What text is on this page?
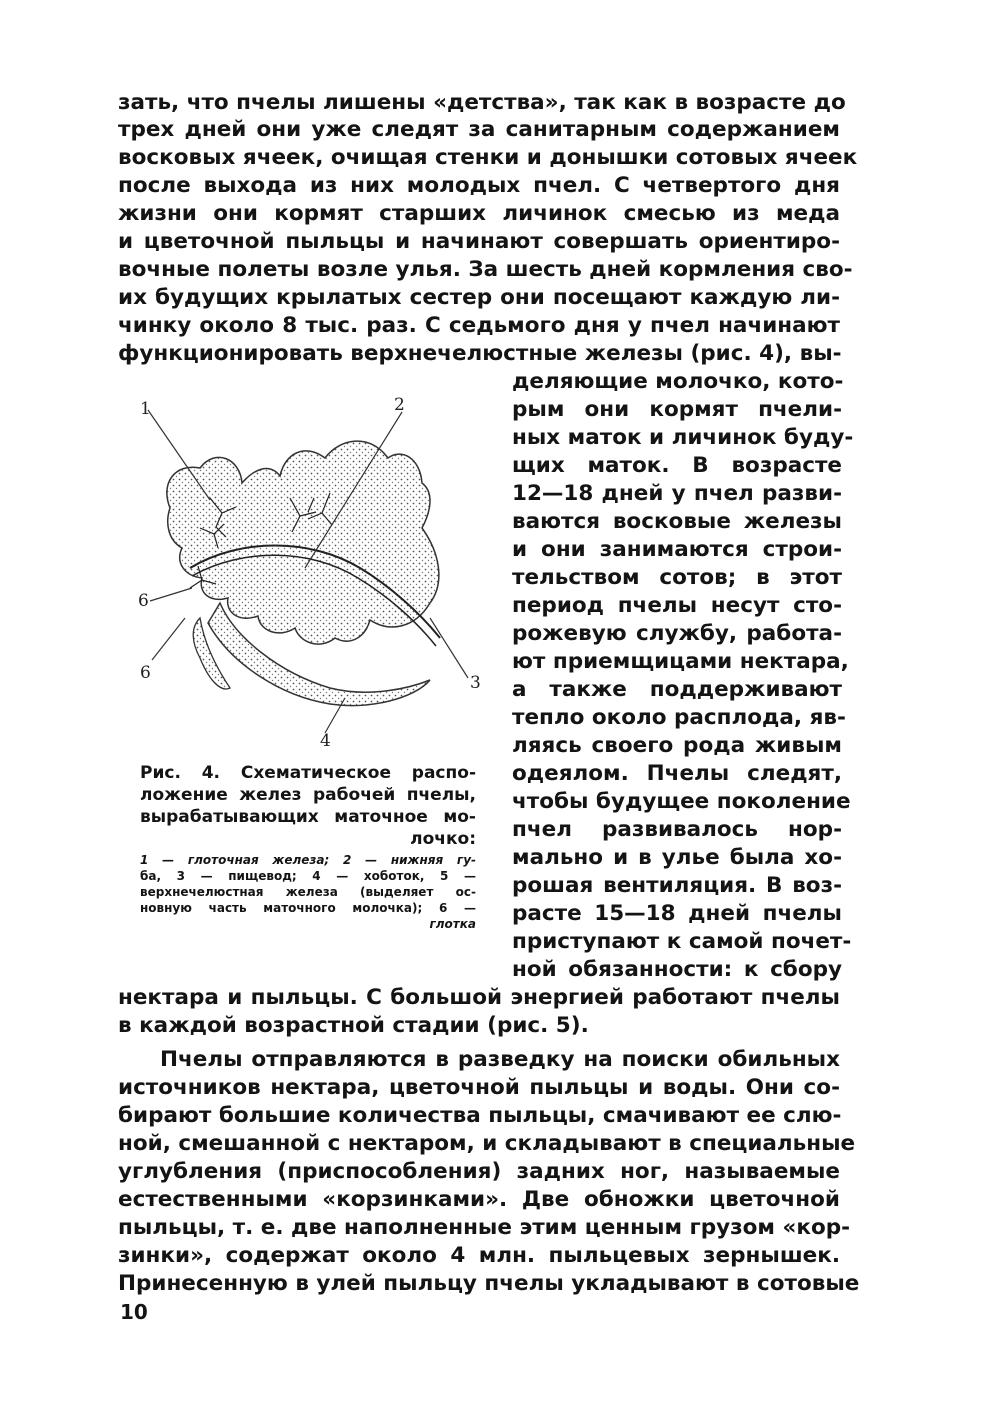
зать, что пчелы лишены «детства», так как в возрасте до

трех дней они уже следят за санитарным содержанием

восковых ячеек, очищая стенки и донышки сотовых ячеек

после выхода из них молодых пчел. С четвертого дня

жизни они кормят старших личинок смесью из меда

и цветочной пыльцы и начинают совершать ориентиро-

вочные полеты возле улья. За шесть дней кормления сво-

их будущих крылатых сестер они посещают каждую ли-

чинку около 8 тыс. раз. С седьмого дня у пчел начинают

функционировать верхнечелюстные железы (рис. 4), вы-

деляющие молочко, кото-

рым они кормят пчели-

ных маток и личинок буду-

щих маток. В возрасте

12—18 дней у пчел разви-

ваются восковые железы

и они занимаются строи-

тельством сотов; в этот

период пчелы несут сто-

рожевую службу, работа-

ют приемщицами нектара,

а также поддерживают

тепло около расплода, яв-

ляясь своего рода живым

одеялом. Пчелы следят,

чтобы будущее поколение

пчел развивалось нор-

мально и в улье была хо-

рошая вентиляция. В воз-

расте 15—18 дней пчелы

приступают к самой почет-

ной обязанности: к сбору

1	2
3
4
6
6

Рис. 4. Схематическое распо-

ложение желез рабочей пчелы,

вырабатывающих маточное мо-

лочко:

1 — глоточная железа; 2 — нижняя гу-

ба, 3 — пищевод; 4 — хоботок, 5 —

верхнечелюстная железа (выделяет ос-

новную часть маточного молочка); 6 —

глотка

нектара и пыльцы. С большой энергией работают пчелы

в каждой возрастной стадии (рис. 5).

Пчелы отправляются в разведку на поиски обильных

источников нектара, цветочной пыльцы и воды. Они со-

бирают большие количества пыльцы, смачивают ее слю-

ной, смешанной с нектаром, и складывают в специальные

углубления (приспособления) задних ног, называемые

естественными «корзинками». Две обножки цветочной

пыльцы, т. е. две наполненные этим ценным грузом «кор-

зинки», содержат около 4 млн. пыльцевых зернышек.

Принесенную в улей пыльцу пчелы укладывают в сотовые

10
